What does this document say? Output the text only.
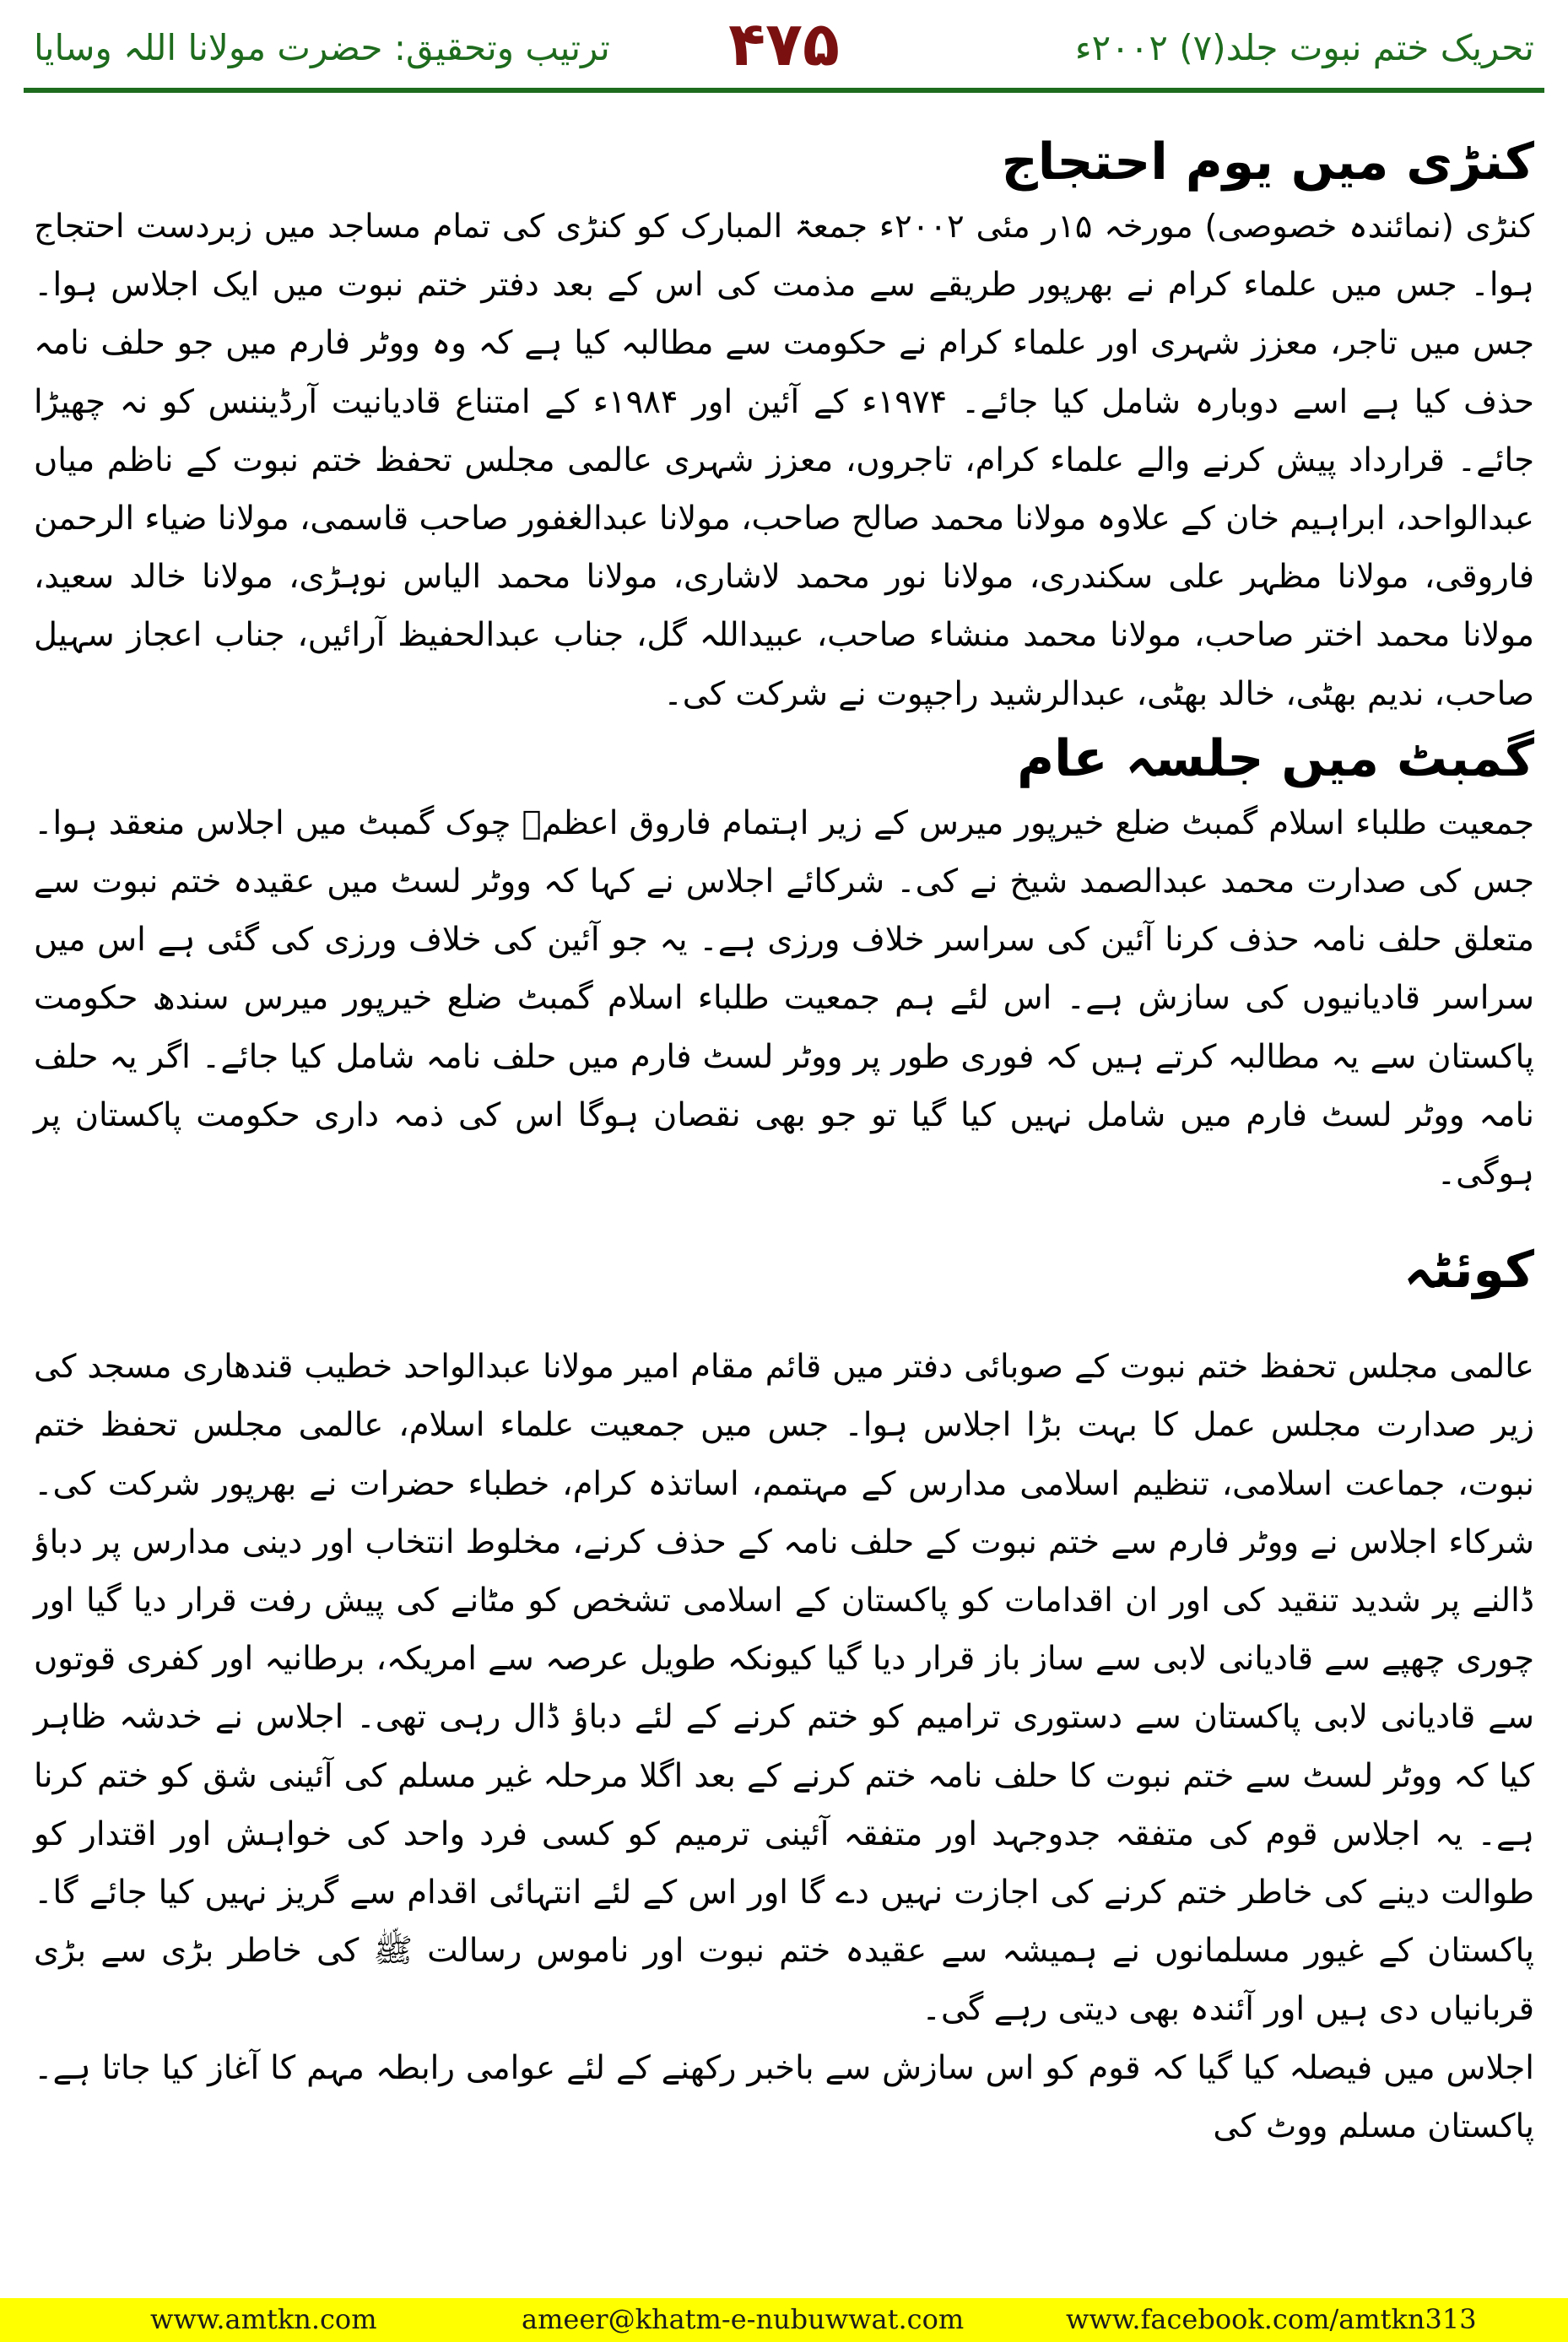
تحریک ختم نبوت جلد(۷) ۲۰۰۲ء
۴۷۵
ترتیب وتحقیق: حضرت مولانا اللہ وسایا
کنڑی میں یوم احتجاج

کنڑی (نمائندہ خصوصی) مورخہ ۱۵ر مئی ۲۰۰۲ء جمعۃ المبارک کو کنڑی کی تمام مساجد میں زبردست احتجاج ہوا۔ جس میں علماء کرام نے بھرپور طریقے سے مذمت کی اس کے بعد دفتر ختم نبوت میں ایک اجلاس ہوا۔ جس میں تاجر، معزز شہری اور علماء کرام نے حکومت سے مطالبہ کیا ہے کہ وہ ووٹر فارم میں جو حلف نامہ حذف کیا ہے اسے دوبارہ شامل کیا جائے۔ ۱۹۷۴ء کے آئین اور ۱۹۸۴ء کے امتناع قادیانیت آرڈیننس کو نہ چھیڑا جائے۔ قرارداد پیش کرنے والے علماء کرام، تاجروں، معزز شہری عالمی مجلس تحفظ ختم نبوت کے ناظم میاں عبدالواحد، ابراہیم خان کے علاوہ مولانا محمد صالح صاحب، مولانا عبدالغفور صاحب قاسمی، مولانا ضیاء الرحمن فاروقی، مولانا مظہر علی سکندری، مولانا نور محمد لاشاری، مولانا محمد الیاس نوہڑی، مولانا خالد سعید، مولانا محمد اختر صاحب، مولانا محمد منشاء صاحب، عبیداللہ گل، جناب عبدالحفیظ آرائیں، جناب اعجاز سہیل صاحب، ندیم بھٹی، خالد بھٹی، عبدالرشید راجپوت نے شرکت کی۔

گمبٹ میں جلسہ عام

جمعیت طلباء اسلام گمبٹ ضلع خیرپور میرس کے زیر اہتمام فاروق اعظمؓ چوک گمبٹ میں اجلاس منعقد ہوا۔ جس کی صدارت محمد عبدالصمد شیخ نے کی۔ شرکائے اجلاس نے کہا کہ ووٹر لسٹ میں عقیدہ ختم نبوت سے متعلق حلف نامہ حذف کرنا آئین کی سراسر خلاف ورزی ہے۔ یہ جو آئین کی خلاف ورزی کی گئی ہے اس میں سراسر قادیانیوں کی سازش ہے۔ اس لئے ہم جمعیت طلباء اسلام گمبٹ ضلع خیرپور میرس سندھ حکومت پاکستان سے یہ مطالبہ کرتے ہیں کہ فوری طور پر ووٹر لسٹ فارم میں حلف نامہ شامل کیا جائے۔ اگر یہ حلف نامہ ووٹر لسٹ فارم میں شامل نہیں کیا گیا تو جو بھی نقصان ہوگا اس کی ذمہ داری حکومت پاکستان پر ہوگی۔

کوئٹہ

عالمی مجلس تحفظ ختم نبوت کے صوبائی دفتر میں قائم مقام امیر مولانا عبدالواحد خطیب قندھاری مسجد کی زیر صدارت مجلس عمل کا بہت بڑا اجلاس ہوا۔ جس میں جمعیت علماء اسلام، عالمی مجلس تحفظ ختم نبوت، جماعت اسلامی، تنظیم اسلامی مدارس کے مہتمم، اساتذہ کرام، خطباء حضرات نے بھرپور شرکت کی۔ شرکاء اجلاس نے ووٹر فارم سے ختم نبوت کے حلف نامہ کے حذف کرنے، مخلوط انتخاب اور دینی مدارس پر دباؤ ڈالنے پر شدید تنقید کی اور ان اقدامات کو پاکستان کے اسلامی تشخص کو مٹانے کی پیش رفت قرار دیا گیا اور چوری چھپے سے قادیانی لابی سے ساز باز قرار دیا گیا کیونکہ طویل عرصہ سے امریکہ، برطانیہ اور کفری قوتوں سے قادیانی لابی پاکستان سے دستوری ترامیم کو ختم کرنے کے لئے دباؤ ڈال رہی تھی۔ اجلاس نے خدشہ ظاہر کیا کہ ووٹر لسٹ سے ختم نبوت کا حلف نامہ ختم کرنے کے بعد اگلا مرحلہ غیر مسلم کی آئینی شق کو ختم کرنا ہے۔ یہ اجلاس قوم کی متفقہ جدوجہد اور متفقہ آئینی ترمیم کو کسی فرد واحد کی خواہش اور اقتدار کو طوالت دینے کی خاطر ختم کرنے کی اجازت نہیں دے گا اور اس کے لئے انتہائی اقدام سے گریز نہیں کیا جائے گا۔ پاکستان کے غیور مسلمانوں نے ہمیشہ سے عقیدہ ختم نبوت اور ناموس رسالت ﷺ کی خاطر بڑی سے بڑی قربانیاں دی ہیں اور آئندہ بھی دیتی رہے گی۔

اجلاس میں فیصلہ کیا گیا کہ قوم کو اس سازش سے باخبر رکھنے کے لئے عوامی رابطہ مہم کا آغاز کیا جاتا ہے۔ پاکستان مسلم ووٹ کی

www.amtkn.com	ameer@khatm-e-nubuwwat.com	www.facebook.com/amtkn313
